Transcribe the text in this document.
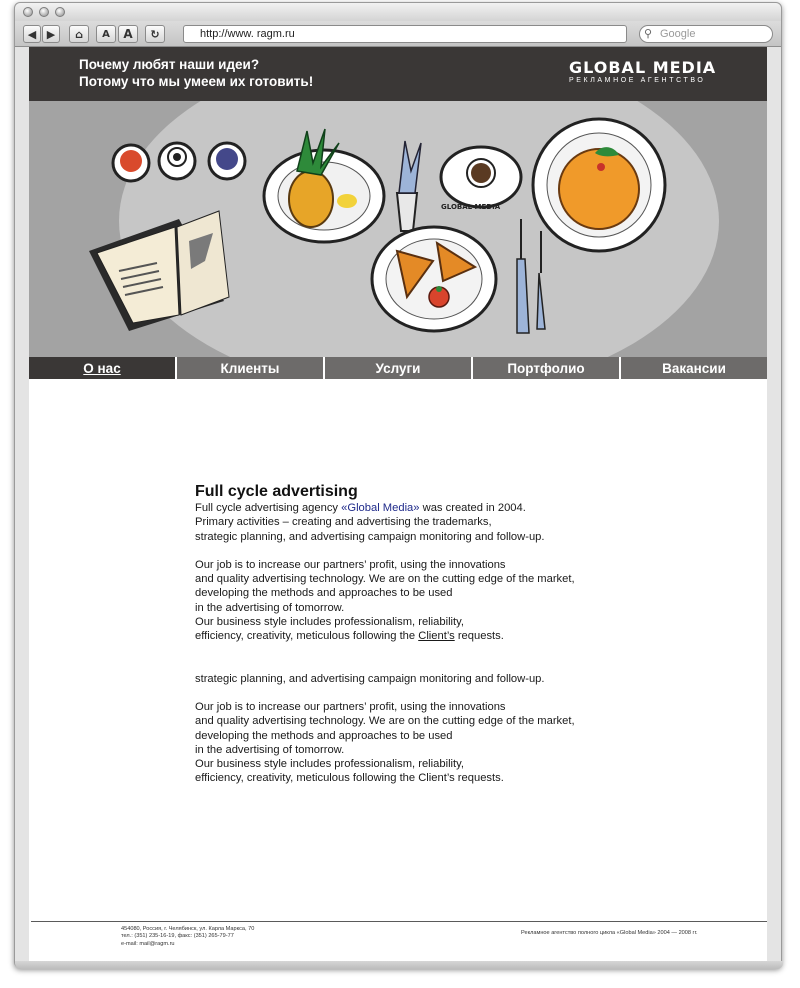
◀ ▶ ⌂ A A ↻	http://www. ragm.ru	⚲ Google
Почему любят наши идеи?
Потому что мы умеем их готовить!
GLOBAL MEDIA
РЕКЛАМНОЕ АГЕНТСТВО
GLOBAL MEDIA
О нас	Клиенты	Услуги	Портфолио	Вакансии
Full cycle advertising

Full cycle advertising agency «Global Media» was created in 2004.

Primary activities – creating and advertising the trademarks,

strategic planning, and advertising campaign monitoring and follow-up.

Our job is to increase our partners’ profit, using the innovations

and quality advertising technology. We are on the cutting edge of the market,

developing the methods and approaches to be used

in the advertising of tomorrow.

Our business style includes professionalism, reliability,

efficiency, creativity, meticulous following the Client’s requests.

strategic planning, and advertising campaign monitoring and follow-up.

Our job is to increase our partners’ profit, using the innovations

and quality advertising technology. We are on the cutting edge of the market,

developing the methods and approaches to be used

in the advertising of tomorrow.

Our business style includes professionalism, reliability,

efficiency, creativity, meticulous following the Client’s requests.

454080, Россия, г. Челябинск, ул. Карла Маркса, 70
тел.: (351) 235-16-19, факс: (351) 265-79-77
e-mail: mail@ragm.ru
Рекламное агентство полного цикла «Global Media» 2004 — 2008 гг.
